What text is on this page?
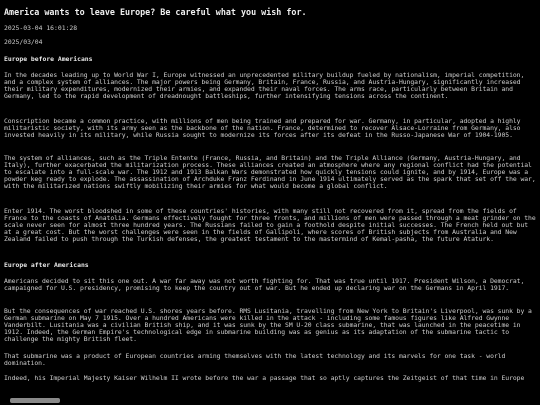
America wants to leave Europe? Be careful what you wish for.
2025-03-04 16:01:28
2025/03/04
Europe before Americans
In the decades leading up to World War I, Europe witnessed an unprecedented military buildup fueled by nationalism, imperial competition, and a complex system of alliances. The major powers being Germany, Britain, France, Russia, and Austria-Hungary, significantly increased their military expenditures, modernized their armies, and expanded their naval forces. The arms race, particularly between Britain and Germany, led to the rapid development of dreadnought battleships, further intensifying tensions across the continent.
Conscription became a common practice, with millions of men being trained and prepared for war. Germany, in particular, adopted a highly militaristic society, with its army seen as the backbone of the nation. France, determined to recover Alsace-Lorraine from Germany, also invested heavily in its military, while Russia sought to modernize its forces after its defeat in the Russo-Japanese War of 1904-1905.
The system of alliances, such as the Triple Entente (France, Russia, and Britain) and the Triple Alliance (Germany, Austria-Hungary, and Italy), further exacerbated the militarization process. These alliances created an atmosphere where any regional conflict had the potential to escalate into a full-scale war. The 1912 and 1913 Balkan Wars demonstrated how quickly tensions could ignite, and by 1914, Europe was a powder keg ready to explode. The assassination of Archduke Franz Ferdinand in June 1914 ultimately served as the spark that set off the war, with the militarized nations swiftly mobilizing their armies for what would become a global conflict.
Enter 1914. The worst bloodshed in some of these countries' histories, with many still not recovered from it, spread from the fields of France to the coasts of Anatolia. Germans effectively fought for three fronts, and millions of men were passed through a meat grinder on the scale never seen for almost three hundred years. The Russians failed to gain a foothold despite initial successes. The French held out but at a great cost. But the worst challenges were seen in the fields of Gallipoli, where scores of British subjects from Australia and New Zealand failed to push through the Turkish defenses, the greatest testament to the mastermind of Kemal-pasha, the future Ataturk.
Europe after Americans
Americans decided to sit this one out. A war far away was not worth fighting for. That was true until 1917. President Wilson, a Democrat, campaigned for U.S. presidency, promising to keep the country out of war. But he ended up declaring war on the Germans in April 1917.
But the consequences of war reached U.S. shores years before. RMS Lusitania, travelling from New York to Britain's Liverpool, was sunk by a German submarine on May 7 1915. Over a hundred Americans were killed in the attack - including some famous figures like Alfred Gwynne Vanderbilt. Lusitania was a civilian British ship, and it was sunk by the SM U-20 class submarine, that was launched in the peacetime in 1912. Indeed, the German Empire's technological edge in submarine building was as genius as its adaptation of the submarine tactic to challenge the mighty British fleet.
That submarine was a product of European countries arming themselves with the latest technology and its marvels for one task - world domination.
Indeed, his Imperial Majesty Kaiser Wilhelm II wrote before the war a passage that so aptly captures the Zeitgeist of that time in Europe
